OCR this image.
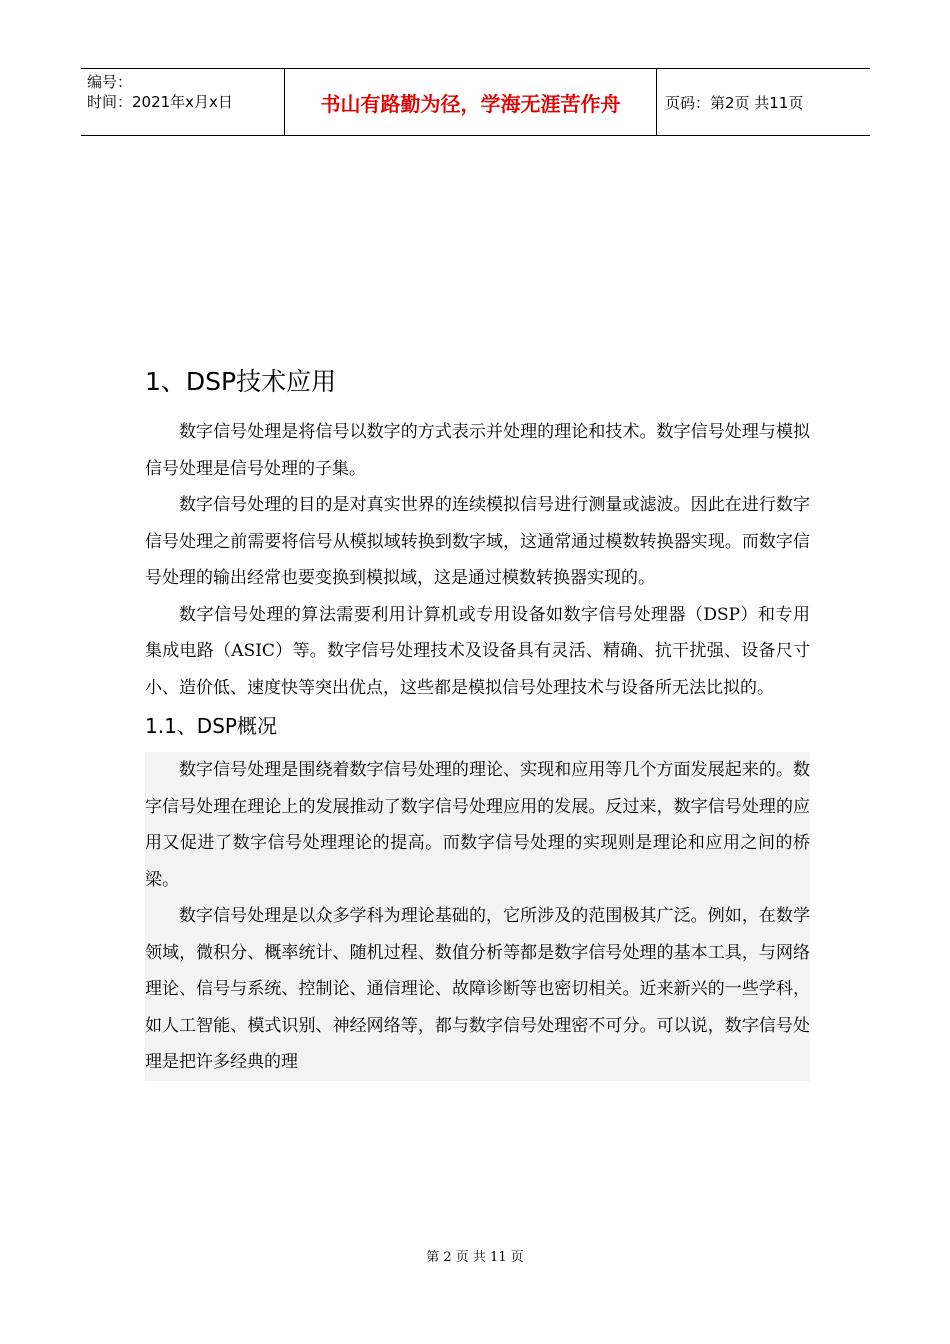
编号：
时间：2021年x月x日	书山有路勤为径，学海无涯苦作舟	页码：第2页 共11页
1、DSP技术应用

数字信号处理是将信号以数字的方式表示并处理的理论和技术。数字信号处理与模拟信号处理是信号处理的子集。

数字信号处理的目的是对真实世界的连续模拟信号进行测量或滤波。因此在进行数字信号处理之前需要将信号从模拟域转换到数字域，这通常通过模数转换器实现。而数字信号处理的输出经常也要变换到模拟域，这是通过模数转换器实现的。

数字信号处理的算法需要利用计算机或专用设备如数字信号处理器（DSP）和专用集成电路（ASIC）等。数字信号处理技术及设备具有灵活、精确、抗干扰强、设备尺寸小、造价低、速度快等突出优点，这些都是模拟信号处理技术与设备所无法比拟的。

1.1、DSP概况

数字信号处理是围绕着数字信号处理的理论、实现和应用等几个方面发展起来的。数字信号处理在理论上的发展推动了数字信号处理应用的发展。反过来，数字信号处理的应用又促进了数字信号处理理论的提高。而数字信号处理的实现则是理论和应用之间的桥梁。

数字信号处理是以众多学科为理论基础的，它所涉及的范围极其广泛。例如，在数学领域，微积分、概率统计、随机过程、数值分析等都是数字信号处理的基本工具，与网络理论、信号与系统、控制论、通信理论、故障诊断等也密切相关。近来新兴的一些学科，如人工智能、模式识别、神经网络等，都与数字信号处理密不可分。可以说，数字信号处理是把许多经典的理

第 2 页 共 11 页
